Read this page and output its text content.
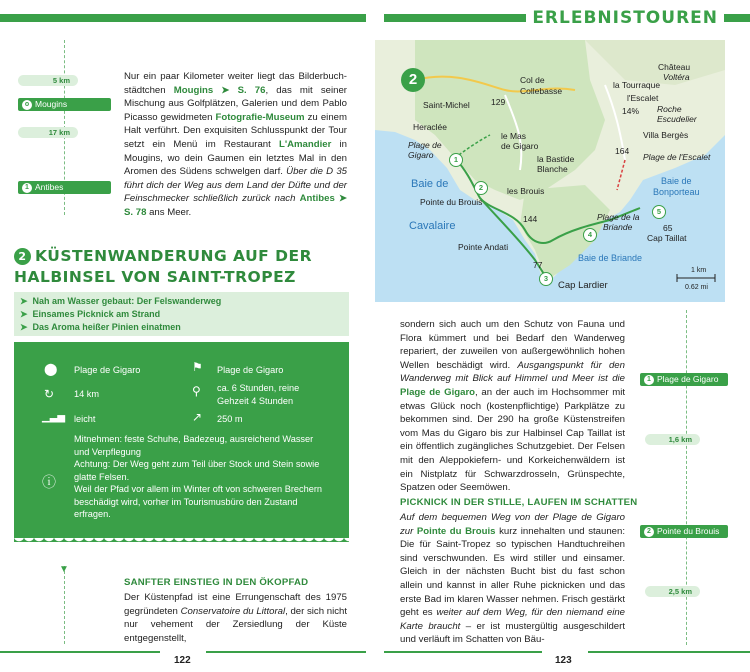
ERLEBNISTOUREN
5 km
o Mougins
17 km
1 Antibes
Nur ein paar Kilometer weiter liegt das Bilderbuch-städtchen Mougins ➤ S. 76, das mit seiner Mischung aus Golfplätzen, Galerien und dem Pablo Picasso gewidmeten Fotografie-Museum zu einem Halt verführt. Den exquisiten Schlusspunkt der Tour setzt ein Menü im Restaurant L'Amandier in Mougins, wo dein Gaumen ein letztes Mal in den Aromen des Südens schwelgen darf. Über die D 35 führt dich der Weg aus dem Land der Düfte und der Feinschmecker schließlich zurück nach Antibes ➤ S. 78 ans Meer.
2 KÜSTENWANDERUNG AUF DER
HALBINSEL VON SAINT-TROPEZ
➤ Nah am Wasser gebaut: Der Felswanderweg
➤ Einsames Picknick am Strand
➤ Das Aroma heißer Pinien einatmen
⬤ Plage de Gigaro	⚑ Plage de Gigaro
↻ 14 km	⚲ ca. 6 Stunden, reine Gehzeit 4 Stunden
▁▃▅ leicht	↗ 250 m
ⓘ
Mitnehmen: feste Schuhe, Badezeug, ausreichend Wasser und Verpflegung
Achtung: Der Weg geht zum Teil über Stock und Stein sowie glatte Felsen.
Weil der Pfad vor allem im Winter oft von schweren Brechern beschädigt wird, vorher im Tourismusbüro den Zustand erfragen.
▼
SANFTER EINSTIEG IN DEN ÖKOPFAD
Der Küstenpfad ist eine Errungenschaft des 1975 gegründeten Conservatoire du Littoral, der sich nicht nur vehement der Zersiedlung der Küste entgegenstellt,
122
2
Château
Voltéra
Col de
Collebasse
la Tourraque
l'Escalet
Saint-Michel 129
Heraclée
le Mas
de Gigaro
14% Roche
Escudelier
Villa Bergès
Plage de
Gigaro	la Bastide
Blanche
164
Plage de l'Escalet
Baie de	Baie de
Bonporteau
les Brouis
Pointe du Brouis
Cavalaire
144	Plage de la
Briande	65
Cap Taillat
Pointe Andati
Baie de Briande
77
Cap Lardier
1 km
0.62 mi
1
2
3
4
5
sondern sich auch um den Schutz von Fauna und Flora kümmert und bei Bedarf den Wanderweg repariert, der zuweilen von außergewöhnlich hohen Wellen beschädigt wird. Ausgangspunkt für den Wanderweg mit Blick auf Himmel und Meer ist die Plage de Gigaro, an der auch im Hochsommer mit etwas Glück noch (kostenpflichtige) Parkplätze zu bekommen sind. Der 290 ha große Küstenstreifen vom Mas du Gigaro bis zur Halbinsel Cap Taillat ist ein öffentlich zugängliches Schutzgebiet. Der Felsen mit den Aleppokiefern- und Korkeichenwäldern ist ein Nistplatz für Schwarzdrosseln, Grünspechte, Spatzen oder Seemöwen.
PICKNICK IN DER STILLE, LAUFEN IM SCHATTEN
Auf dem bequemen Weg von der Plage de Gigaro zur Pointe du Brouis kurz innehalten und staunen: Die für Saint-Tropez so typischen Handtuchreihen sind verschwunden. Es wird stiller und einsamer. Gleich in der nächsten Bucht bist du fast schon allein und kannst in aller Ruhe picknicken und das erste Bad im klaren Wasser nehmen. Frisch gestärkt geht es weiter auf dem Weg, für den niemand eine Karte braucht – er ist mustergültig ausgeschildert und verläuft im Schatten von Bäu-
1 Plage de Gigaro
1,6 km
2 Pointe du Brouis
2,5 km
123
